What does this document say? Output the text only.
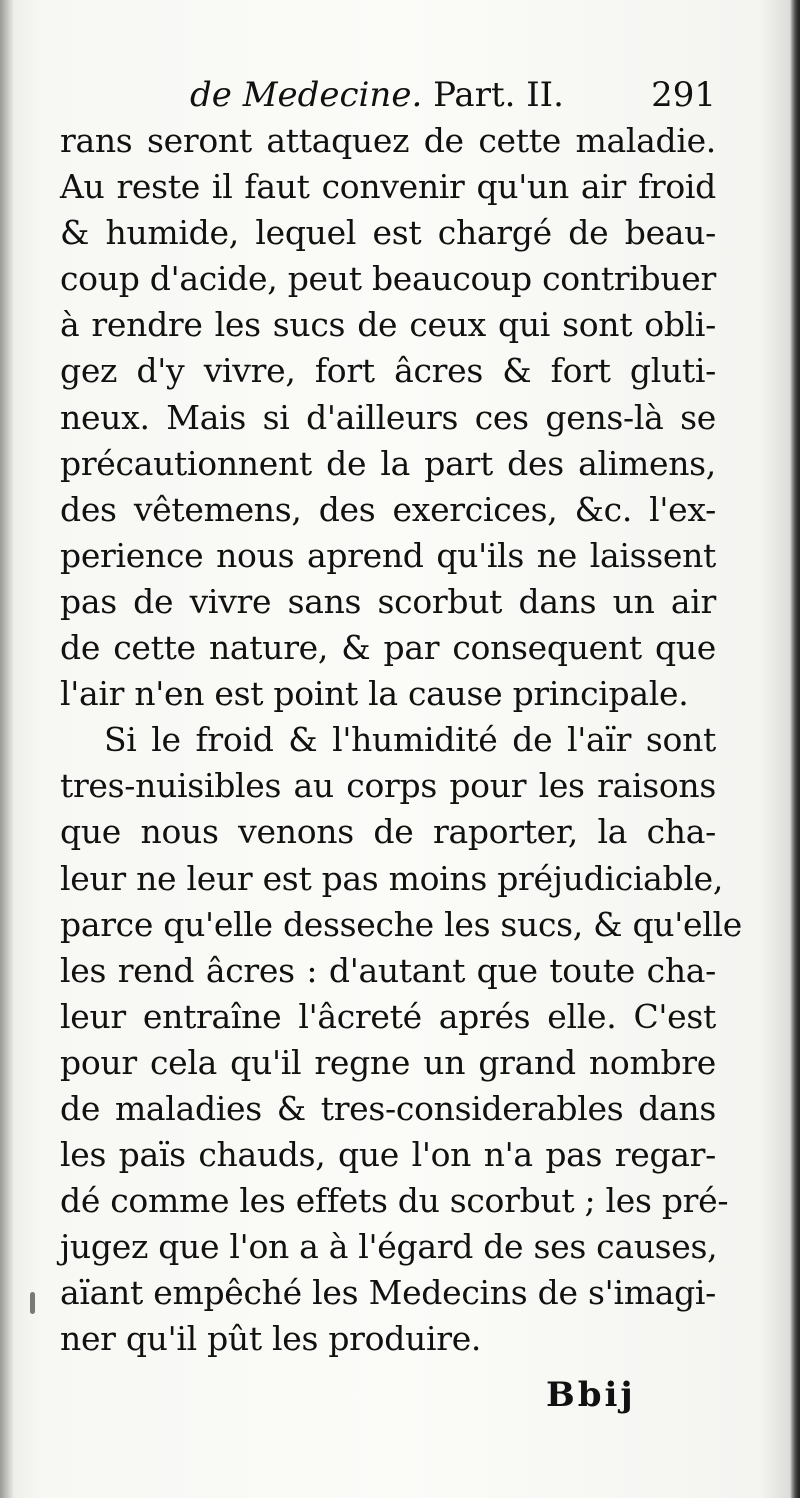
de Medecine. Part. II.	291
rans seront attaquez de cette maladie.
Au reste il faut convenir qu'un air froid
& humide, lequel est chargé de beau-
coup d'acide, peut beaucoup contribuer
à rendre les sucs de ceux qui sont obli-
gez d'y vivre, fort âcres & fort gluti-
neux. Mais si d'ailleurs ces gens-là se
précautionnent de la part des alimens,
des vêtemens, des exercices, &c. l'ex-
perience nous aprend qu'ils ne laissent
pas de vivre sans scorbut dans un air
de cette nature, & par consequent que
l'air n'en est point la cause principale.
Si le froid & l'humidité de l'aïr sont
tres-nuisibles au corps pour les raisons
que nous venons de raporter, la cha-
leur ne leur est pas moins préjudiciable,
parce qu'elle desseche les sucs, & qu'elle
les rend âcres : d'autant que toute cha-
leur entraîne l'âcreté aprés elle. C'est
pour cela qu'il regne un grand nombre
de maladies & tres-considerables dans
les païs chauds, que l'on n'a pas regar-
dé comme les effets du scorbut ; les pré-
jugez que l'on a à l'égard de ses causes,
aïant empêché les Medecins de s'imagi-
ner qu'il pût les produire.
Bbij
